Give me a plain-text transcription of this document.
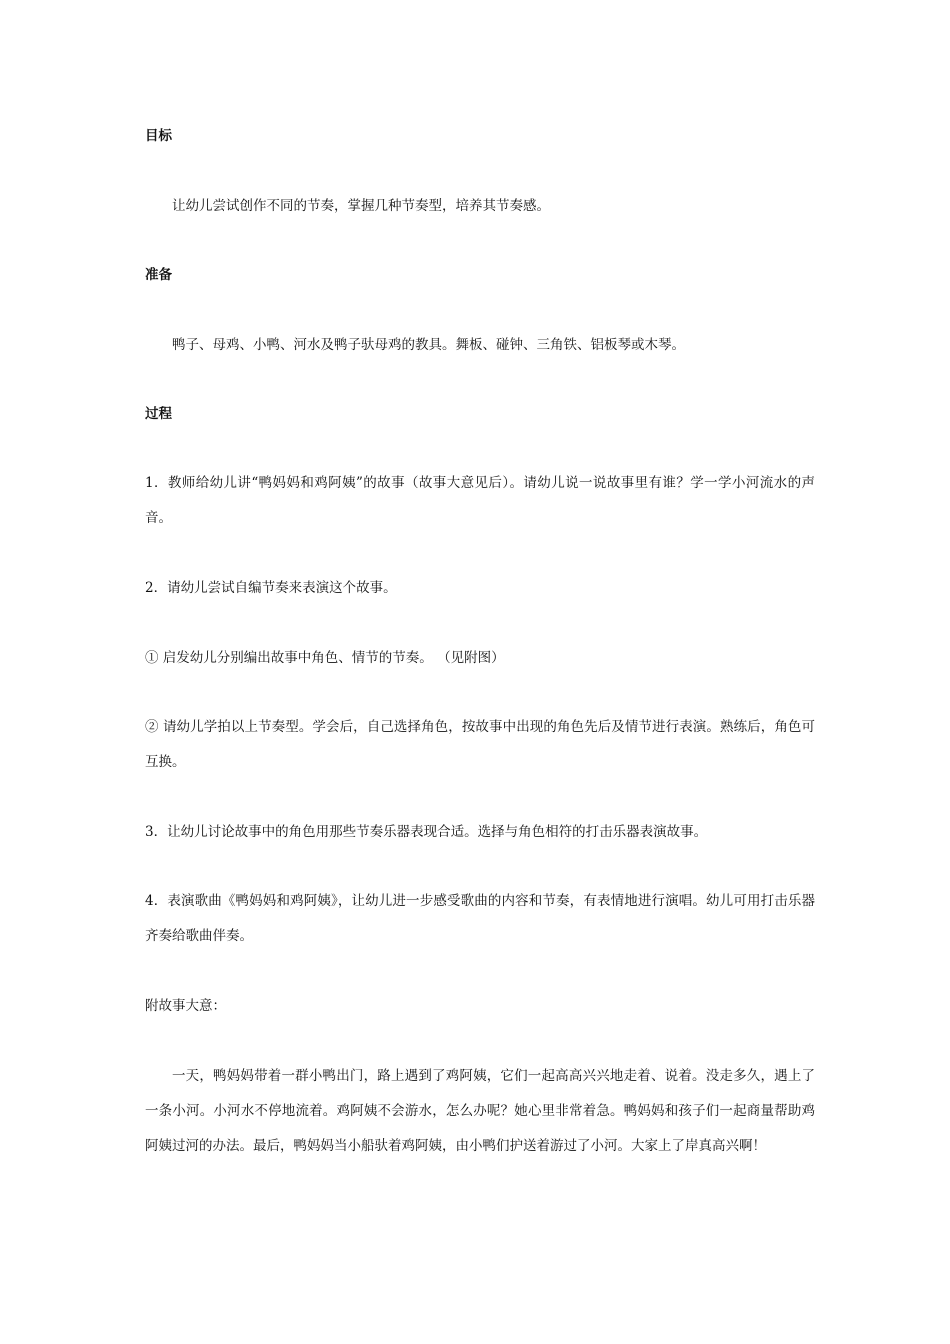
目标

让幼儿尝试创作不同的节奏，掌握几种节奏型，培养其节奏感。

准备

鸭子、母鸡、小鸭、河水及鸭子驮母鸡的教具。舞板、碰钟、三角铁、铝板琴或木琴。

过程

1．教师给幼儿讲“鸭妈妈和鸡阿姨”的故事（故事大意见后）。请幼儿说一说故事里有谁？学一学小河流水的声音。

2．请幼儿尝试自编节奏来表演这个故事。

① 启发幼儿分别编出故事中角色、情节的节奏。 （见附图）

② 请幼儿学拍以上节奏型。学会后，自己选择角色，按故事中出现的角色先后及情节进行表演。熟练后，角色可互换。

3．让幼儿讨论故事中的角色用那些节奏乐器表现合适。选择与角色相符的打击乐器表演故事。

4．表演歌曲《鸭妈妈和鸡阿姨》，让幼儿进一步感受歌曲的内容和节奏，有表情地进行演唱。幼儿可用打击乐器齐奏给歌曲伴奏。

附故事大意：

一天，鸭妈妈带着一群小鸭出门，路上遇到了鸡阿姨，它们一起高高兴兴地走着、说着。没走多久，遇上了一条小河。小河水不停地流着。鸡阿姨不会游水，怎么办呢？她心里非常着急。鸭妈妈和孩子们一起商量帮助鸡阿姨过河的办法。最后，鸭妈妈当小船驮着鸡阿姨，由小鸭们护送着游过了小河。大家上了岸真高兴啊！
